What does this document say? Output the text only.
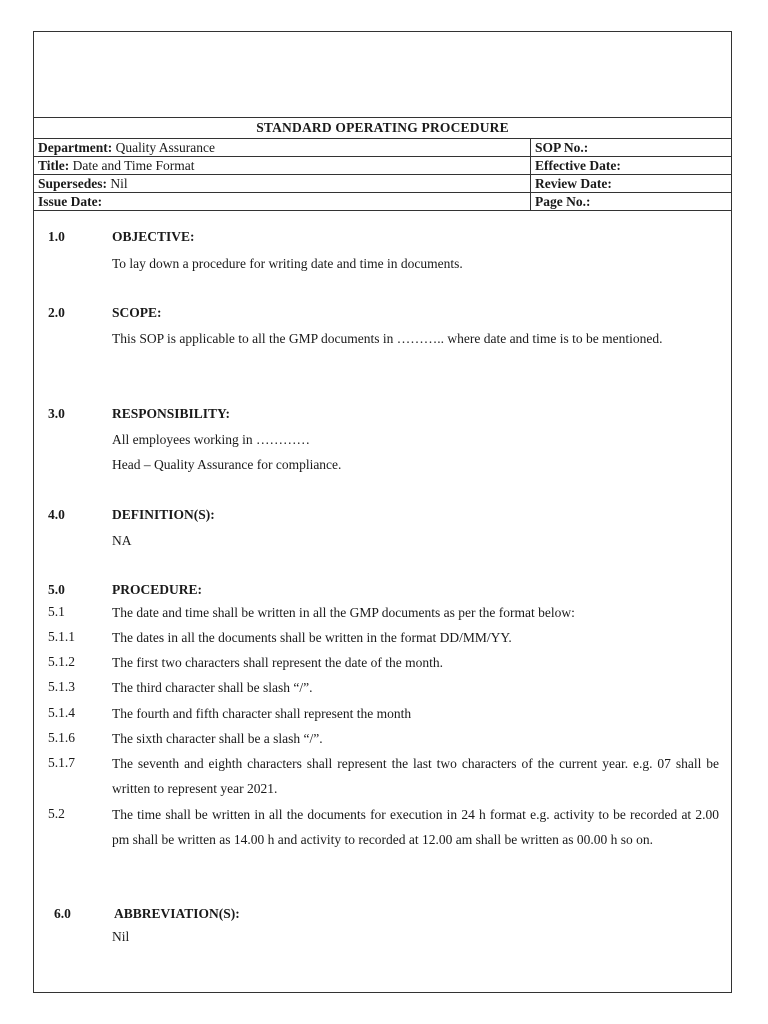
STANDARD OPERATING PROCEDURE	
Department: Quality Assurance	SOP No.:
Title: Date and Time Format	Effective Date:
Supersedes: Nil	Review Date:
Issue Date:	Page No.:
1.0	OBJECTIVE:
To lay down a procedure for writing date and time in documents.
2.0	SCOPE:
This SOP is applicable to all the GMP documents in ……….. where date and time is to be mentioned.
3.0	RESPONSIBILITY:
All employees working in …………
Head – Quality Assurance for compliance.
4.0	DEFINITION(S):
NA
5.0	PROCEDURE:
5.1	The date and time shall be written in all the GMP documents as per the format below:
5.1.1	The dates in all the documents shall be written in the format DD/MM/YY.
5.1.2	The first two characters shall represent the date of the month.
5.1.3	The third character shall be slash “/”.
5.1.4	The fourth and fifth character shall represent the month
5.1.6	The sixth character shall be a slash “/”.
5.1.7	The seventh and eighth characters shall represent the last two characters of the current year. e.g. 07 shall be written to represent year 2021.
5.2	The time shall be written in all the documents for execution in 24 h format e.g. activity to be recorded at 2.00 pm shall be written as 14.00 h and activity to recorded at 12.00 am shall be written as 00.00 h so on.
6.0	ABBREVIATION(S):
Nil
